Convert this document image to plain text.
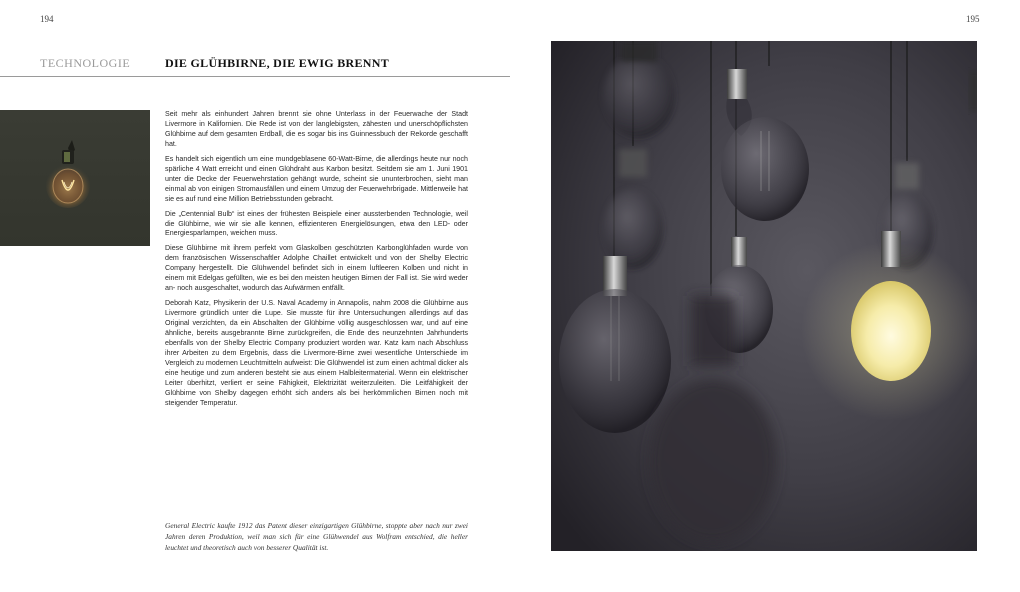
194	195
TECHNOLOGIE	DIE GLÜHBIRNE, DIE EWIG BRENNT

Seit mehr als einhundert Jahren brennt sie ohne Unterlass in der Feuerwache der Stadt Livermore in Kalifornien. Die Rede ist von der langlebigsten, zähesten und unerschöpflichsten Glühbirne auf dem gesamten Erdball, die es sogar bis ins Guinnessbuch der Rekorde geschafft hat.

Es handelt sich eigentlich um eine mundgeblasene 60-Watt-Birne, die allerdings heute nur noch spärliche 4 Watt erreicht und einen Glühdraht aus Karbon besitzt. Seitdem sie am 1. Juni 1901 unter die Decke der Feuerwehrstation gehängt wurde, scheint sie ununterbrochen, sieht man einmal ab von einigen Stromausfällen und einem Umzug der Feuerwehrbrigade. Mittlerweile hat sie es auf rund eine Million Betriebsstunden gebracht.

Die „Centennial Bulb“ ist eines der frühesten Beispiele einer aussterbenden Technologie, weil die Glühbirne, wie wir sie alle kennen, effizienteren Energielösungen, etwa den LED- oder Energiesparlampen, weichen muss.

Diese Glühbirne mit ihrem perfekt vom Glaskolben geschützten Karbonglühfaden wurde von dem französischen Wissenschaftler Adolphe Chaillet entwickelt und von der Shelby Electric Company hergestellt. Die Glühwendel befindet sich in einem luftleeren Kolben und nicht in einem mit Edelgas gefüllten, wie es bei den meisten heutigen Birnen der Fall ist. Sie wird weder an- noch ausgeschaltet, wodurch das Aufwärmen entfällt.

Deborah Katz, Physikerin der U.S. Naval Academy in Annapolis, nahm 2008 die Glühbirne aus Livermore gründlich unter die Lupe. Sie musste für ihre Untersuchungen allerdings auf das Original verzichten, da ein Abschalten der Glühbirne völlig ausgeschlossen war, und auf eine ähnliche, bereits ausgebrannte Birne zurückgreifen, die Ende des neunzehnten Jahrhunderts ebenfalls von der Shelby Electric Company produziert worden war. Katz kam nach Abschluss ihrer Arbeiten zu dem Ergebnis, dass die Livermore-Birne zwei wesentliche Unterschiede im Vergleich zu modernen Leuchtmitteln aufweist: Die Glühwendel ist zum einen achtmal dicker als eine heutige und zum anderen besteht sie aus einem Halbleitermaterial. Wenn ein elektrischer Leiter überhitzt, verliert er seine Fähigkeit, Elektrizität weiterzuleiten. Die Leitfähigkeit der Glühbirne von Shelby dagegen erhöht sich anders als bei herkömmlichen Birnen noch mit steigender Temperatur.

General Electric kaufte 1912 das Patent dieser einzigartigen Glühbirne, stoppte aber nach nur zwei Jahren deren Produktion, weil man sich für eine Glühwendel aus Wolfram entschied, die heller leuchtet und theoretisch auch von besserer Qualität ist.
